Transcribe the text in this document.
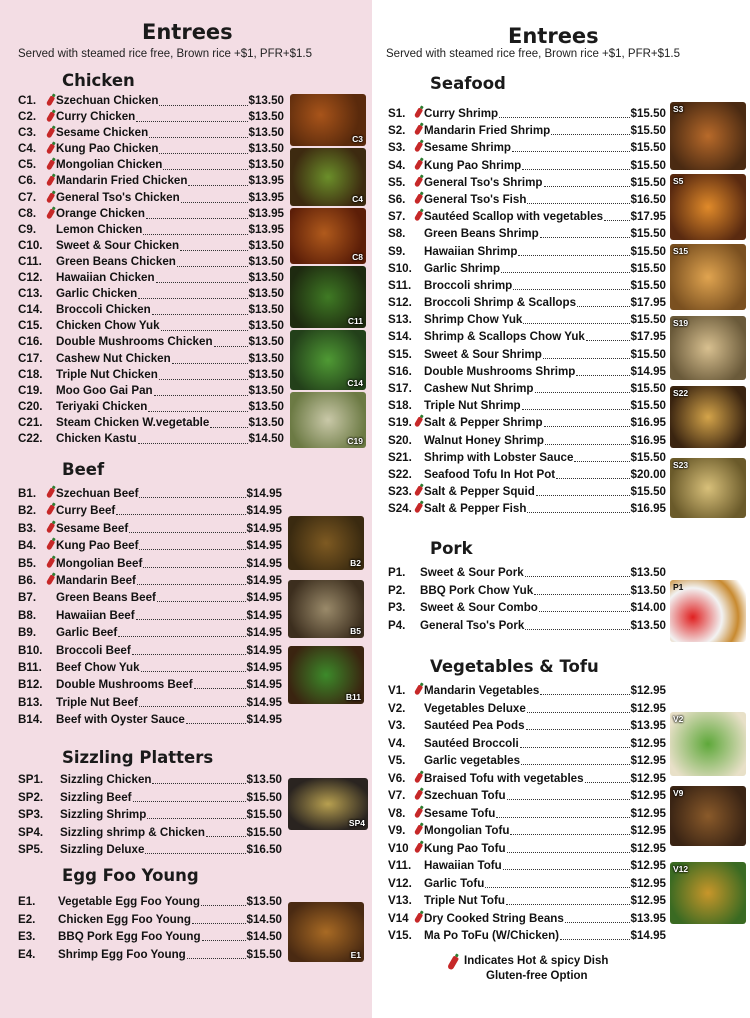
Entrees
Served with steamed rice free, Brown rice +$1, PFR+$1.5
Chicken
C1. Szechuan Chicken	$13.50
C2. Curry Chicken	$13.50
C3. Sesame Chicken	$13.50
C4. Kung Pao Chicken	$13.50
C5. Mongolian Chicken	$13.50
C6. Mandarin Fried Chicken	$13.95
C7. General Tso's Chicken	$13.95
C8. Orange Chicken	$13.95
C9. Lemon Chicken	$13.95
C10. Sweet & Sour Chicken	$13.50
C11. Green Beans Chicken	$13.50
C12. Hawaiian Chicken	$13.50
C13. Garlic Chicken	$13.50
C14. Broccoli Chicken	$13.50
C15. Chicken Chow Yuk	$13.50
C16. Double Mushrooms Chicken	$13.50
C17. Cashew Nut Chicken	$13.50
C18. Triple Nut Chicken	$13.50
C19. Moo Goo Gai Pan	$13.50
C20. Teriyaki Chicken	$13.50
C21. Steam Chicken W.vegetable	$13.50
C22. Chicken Kastu	$14.50
Beef
B1. Szechuan Beef	$14.95
B2. Curry Beef	$14.95
B3. Sesame Beef	$14.95
B4. Kung Pao Beef	$14.95
B5. Mongolian Beef	$14.95
B6. Mandarin Beef	$14.95
B7. Green Beans Beef	$14.95
B8. Hawaiian Beef	$14.95
B9. Garlic Beef	$14.95
B10. Broccoli Beef	$14.95
B11. Beef Chow Yuk	$14.95
B12. Double Mushrooms Beef	$14.95
B13. Triple Nut Beef	$14.95
B14. Beef with Oyster Sauce	$14.95
Sizzling Platters
SP1. Sizzling Chicken	$13.50
SP2. Sizzling Beef	$15.50
SP3. Sizzling Shrimp	$15.50
SP4. Sizzling shrimp & Chicken	$15.50
SP5. Sizzling Deluxe	$16.50
Egg Foo Young
E1. Vegetable Egg Foo Young	$13.50
E2. Chicken Egg Foo Young	$14.50
E3. BBQ Pork Egg Foo Young	$14.50
E4. Shrimp Egg Foo Young	$15.50
C3
C4
C8
C11
C14
C19
B2
B5
B11
SP4
E1
Entrees
Served with steamed rice free, Brown rice +$1, PFR+$1.5
Seafood
S1. Curry Shrimp	$15.50
S2. Mandarin Fried Shrimp	$15.50
S3. Sesame Shrimp	$15.50
S4. Kung Pao Shrimp	$15.50
S5. General Tso's Shrimp	$15.50
S6. General Tso's Fish	$16.50
S7. Sautéed Scallop with vegetables $17.95
S8. Green Beans Shrimp	$15.50
S9. Hawaiian Shrimp	$15.50
S10. Garlic Shrimp	$15.50
S11. Broccoli shrimp	$15.50
S12. Broccoli Shrimp & Scallops	$17.95
S13. Shrimp Chow Yuk	$15.50
S14. Shrimp & Scallops Chow Yuk	$17.95
S15. Sweet & Sour Shrimp	$15.50
S16. Double Mushrooms Shrimp	$14.95
S17. Cashew Nut Shrimp	$15.50
S18. Triple Nut Shrimp	$15.50
S19. Salt & Pepper Shrimp	$16.95
S20. Walnut Honey Shrimp	$16.95
S21. Shrimp with Lobster Sauce	$15.50
S22. Seafood Tofu In Hot Pot	$20.00
S23. Salt & Pepper Squid	$15.50
S24. Salt & Pepper Fish	$16.95
Pork
P1. Sweet & Sour Pork	$13.50
P2. BBQ Pork Chow Yuk	$13.50
P3. Sweet & Sour Combo	$14.00
P4. General Tso's Pork	$13.50
Vegetables & Tofu
V1. Mandarin Vegetables	$12.95
V2. Vegetables Deluxe	$12.95
V3. Sautéed Pea Pods	$13.95
V4. Sautéed Broccoli	$12.95
V5. Garlic vegetables	$12.95
V6. Braised Tofu with vegetables	$12.95
V7. Szechuan Tofu	$12.95
V8. Sesame Tofu	$12.95
V9. Mongolian Tofu	$12.95
V10 Kung Pao Tofu	$12.95
V11. Hawaiian Tofu	$12.95
V12. Garlic Tofu	$12.95
V13. Triple Nut Tofu	$12.95
V14 Dry Cooked String Beans	$13.95
V15. Ma Po ToFu (W/Chicken)	$14.95
S3
S5
S15
S19
S22
S23
P1
V2
V9
V12
Indicates Hot & spicy Dish
Gluten-free Option
